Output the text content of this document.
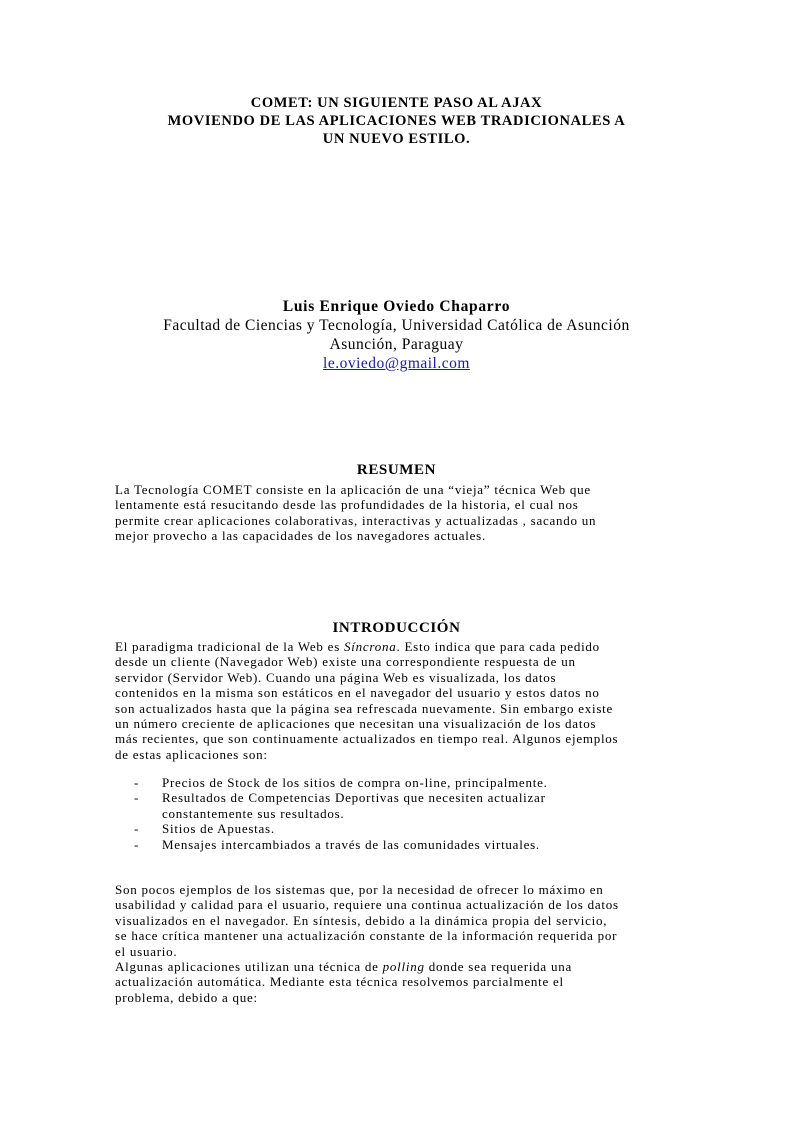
COMET: UN SIGUIENTE PASO AL AJAX
MOVIENDO DE LAS APLICACIONES WEB TRADICIONALES A
UN NUEVO ESTILO.
Luis Enrique Oviedo Chaparro
Facultad de Ciencias y Tecnología, Universidad Católica de Asunción
Asunción, Paraguay
le.oviedo@gmail.com
RESUMEN
La Tecnología COMET consiste en la aplicación de una “vieja” técnica Web que
lentamente está resucitando desde las profundidades de la historia, el cual nos
permite crear aplicaciones colaborativas, interactivas y actualizadas , sacando un
mejor provecho a las capacidades de los navegadores actuales.
INTRODUCCIÓN
El paradigma tradicional de la Web es Síncrona. Esto indica que para cada pedido
desde un cliente (Navegador Web) existe una correspondiente respuesta de un
servidor (Servidor Web). Cuando una página Web es visualizada, los datos
contenidos en la misma son estáticos en el navegador del usuario y estos datos no
son actualizados hasta que la página sea refrescada nuevamente. Sin embargo existe
un número creciente de aplicaciones que necesitan una visualización de los datos
más recientes, que son continuamente actualizados en tiempo real. Algunos ejemplos
de estas aplicaciones son:
- Precios de Stock de los sitios de compra on-line, principalmente.
- Resultados de Competencias Deportivas que necesiten actualizar
constantemente sus resultados.
- Sitios de Apuestas.
- Mensajes intercambiados a través de las comunidades virtuales.
Son pocos ejemplos de los sistemas que, por la necesidad de ofrecer lo máximo en
usabilidad y calidad para el usuario, requiere una continua actualización de los datos
visualizados en el navegador. En síntesis, debido a la dinámica propia del servicio,
se hace crítica mantener una actualización constante de la información requerida por
el usuario.
Algunas aplicaciones utilizan una técnica de polling donde sea requerida una
actualización automática. Mediante esta técnica resolvemos parcialmente el
problema, debido a que:
